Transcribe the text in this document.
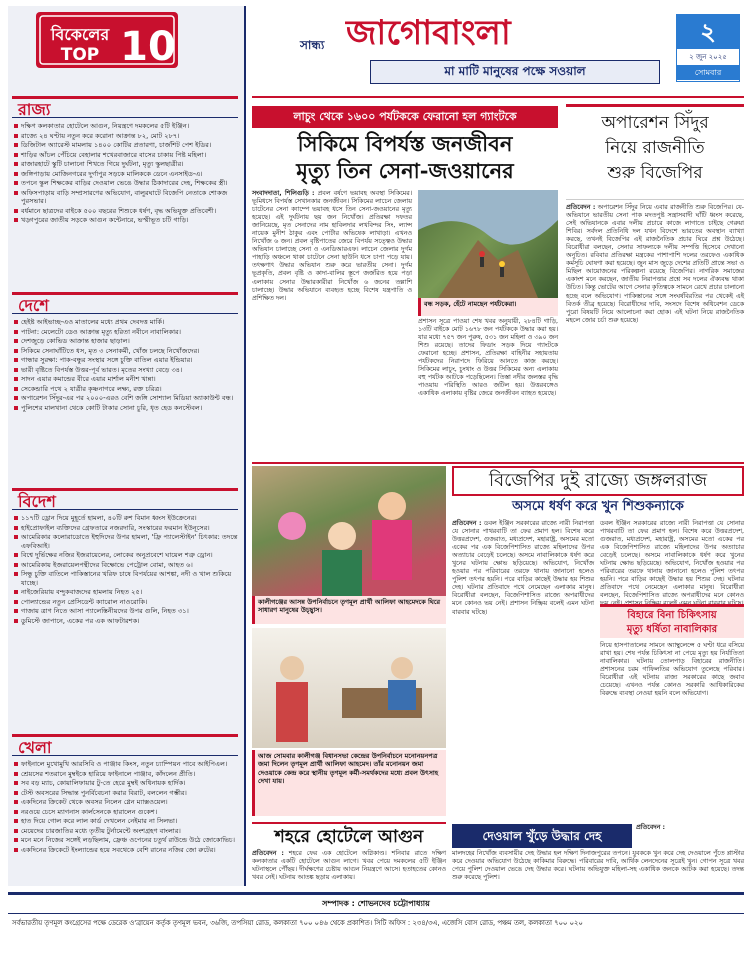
বিকেলের
TOP 10
রাজ্য
দক্ষিণ কলকাতার হোটেলে আগুন, নিয়ন্ত্রণে দমকলের ৫টি ইঞ্জিন।
রাজ্যে ২৪ ঘণ্টায় নতুন করে করোনা আক্রান্ত ৮২, মোট ২৮৭।
ডিজিটাল অ্যারেস্ট মামলায় ১৪০০ কোটির প্রতারণা, চার্জশিট পেশ ইডির।
শাড়ির আঁচল পেঁচিয়ে বেহালার শখেরবাজারে বাসের চাকায় পিষ্ট মহিলা।
রাজারহাটে স্কুটি চালানো শিখতে গিয়ে দুর্ঘটনা, মৃত্যু স্কুলছাত্রীর।
জঙ্গিপাড়ায় মোজিনগরের দুর্গাপুর সড়কে মালিককে ডেনে এনসাইড-এ।
তপনে স্কুল শিক্ষকের বাড়ির দেওয়াল ভেঙে উদ্ধার ঠিকাদারের দেহ, শিক্ষকের স্ত্রী।
অফিসপাড়ায় বাড়ি সম্প্রসারণের অভিযোগ, বালুরঘাটে বিজেপি নেতাকে শোকজ পুরসভার।
বর্ধমানে ছাত্রদের বাইকে ৫০০ বছরের শিশুকে ধর্ষণ, বৃদ্ধ অভিযুক্ত প্রতিবেশী।
খড়্গপুরের জাতীয় সড়কে আগুন কন্টেনারে, ভস্মীভূত চটি গাড়ি।
দেশে
হেইষ্ট আইভাচ্ছ-এও মাতালের মধ্যে প্রথম দেবদত্ত মার্কি।
পাটনা: মেলেটো ডেও আক্রান্ত মৃত্যু হরিতা নবীনে নাবালিকার।
দেশজুড়ে কোভিড আক্রান্ত হাজার ছাড়াল।
সিকিমে সেনাঘাঁটিতে ধস, মৃত ৩ সেনাকর্মী, খোঁজ চলছে নিখোঁজদের।
গান্ধার সুরক্ষা: পাক-বন্ধুর সংস্থার সঙ্গে চুক্তি বাতিল এয়ার ইন্ডিয়ার।
ভারী বৃষ্টিতে বিপর্যস্ত উত্তর-পূর্ব ভারত। মৃতের সংখ্যা বেড়ে ৩৪।
সাদন এয়ার কমান্ডের বীরে এয়ার মার্শাল মনীশ খান্না।
সেকেন্ডারি পথে ২ যাত্রীর কৃষ্ণনাগরে লক্ষ্য, রক্ত চরিত্র।
অপারেশন সিঁদুর-এর পর ২০০০-এরও বেশি জঙ্গি সোশ্যাল মিডিয়া অ্যাকাউন্ট বন্ধ।
পুলিশের মালখানা থেকে কোটি টাকার সোনা চুরি, ধৃত হেড কনস্টেবল।
বিদেশ
১১৭টি ড্রোন দিয়ে মুহূর্তে হামলা, ৪০টি রুশ বিমান ধ্বংস ইউক্রেনের।
হাইপ্রোফাইল ব্যক্তিদের গ্রেফতারে নজরদারি, সংস্কারের ফরমান ইউনূসের।
আমেরিকার কলোরাডোতে ইহুদিদের উপর হামলা, 'ফ্রি প্যালেস্টাইন' চিৎকার: তদন্তে এফবিআই।
বিশ্বে দুর্ভিক্ষের নজির ইজরায়েলের, লোকের অনুপ্রবেশে ঘায়েল শত্রু ড্রোন।
আমেরিকায় ইজরায়েলপন্থীদের বিক্ষোভে পেট্রোল বোমা, আহত ৬।
সিন্ধু চুক্তি বাতিলে পাকিস্তানের খরিফ চাষে বিপর্যয়ের আশঙ্কা, নদী ও খাল শুকিয়ে যাচ্ছে।
নাইজেরিয়ায় বন্দুকবাজদের হামলায় নিহত ২৫।
পোল্যান্ডের নতুন প্রেসিডেন্ট ক্যারোল নাওরোকি।
গাজায় ত্রাণ নিতে আসা প্যালেস্তিনীয়দের উপর গুলি, নিহত ৩১।
ডুমিস্টে জাপানে, একের পর এক আফটারশক।
খেলা
ফাইনালে মুখোমুখি আরসিবি ও পাঞ্জাব কিংস, নতুন চ্যাম্পিয়ন পাবে আইপিএল।
শ্রেয়সের শতরানে মুম্বইকে হারিয়ে ফাইনালে পাঞ্জাব, কাঁদলেন প্রীতি।
সব বড় ম্যাচ, কোয়ালিফায়ার টু-তে হেরে মুম্বই অধিনায়ক হার্দিক।
টেস্ট অবসরের সিদ্ধান্ত পুনর্বিবেচনা করার বিরাট, বললেন গম্ভীর।
একদিনের ক্রিকেট থেকে অবসর নিলেন গ্লেন ম্যাক্সওয়েল।
নরওয়ে চেসে ম্যাগনাস কার্লসেনকে হারালেন গুকেশ।
হাত দিয়ে গোল করে লাল কার্ড দেখলেন নেইমার না সিলভা।
মেয়েদের চারজাতির মধ্যে তৃতীয় টুর্নামেন্টে অংশগ্রহণ বাংলার।
মনে মনে নিজের সঙ্গেই লড়ছিলাম, ফ্রেঞ্চ ওপেনের চতুর্থ রাউন্ডে উঠে জোকোভিচ।
একদিনের ক্রিকেটে ইংল্যান্ডের হয়ে সবথেকে বেশি রানের নজির জো রুটের।
সান্ধ্য জাগোবাংলা
মা মাটি মানুষের পক্ষে সওয়াল
২
২ জুন ২০২৫
সোমবার
লাচুং থেকে ১৬০০ পর্যটককে ফেরানো হল গ্যাংটকে
সিকিমে বিপর্যস্ত জনজীবন
মৃত্যু তিন সেনা-জওয়ানের
সংবাদদাতা, শিলিগুড়ি : প্রবল বর্ষণে ভয়াবহ অবস্থা সিকিমের। ভূমিধসে বিপর্যস্ত সেখানকার জনজীবন। সিকিমের লাচেন জেলায় চাটেনের সেনা ক্যাম্পে ভয়াবহ ধসে তিন সেনা-জওয়ানের মৃত্যু হয়েছে। এই দুর্ঘটনায় ছয় জন নিখোঁজ। প্রতিরক্ষা দফতর জানিয়েছে, মৃত সেনাদের নাম হাবিলদার লখবিন্দর সিং, ল্যান্স নায়েক মুনীশ ঠাকুর এবং পোর্টার অভিষেক লাখাড়া। এখনও নিখোঁজ ৬ জন। প্রবল বৃষ্টিপাতের জেরে বিপর্যয় সত্ত্বেও উদ্ধার অভিযান চালাচ্ছে সেনা ও এনডিআরএফ। লাচেন জেলার দুর্গম পাহাড়ি অঞ্চলে থাকা চাটেনে সেনা ছাউনি ধসে চাপা পড়ে যায়। তৎক্ষণাৎ উদ্ধার অভিযান শুরু করে ভারতীয় সেনা। দুর্গম ভূপ্রকৃতি, প্রবল বৃষ্টি ও কাদা-বালির স্তূপে জর্জরিত হয়ে পড়া এলাকায় সেনার উদ্ধারকারীরা নিখোঁজ ৬ জনের তল্লাশি চালাচ্ছে। উদ্ধার অভিযানে ব্যবহৃত হচ্ছে বিশেষ যন্ত্রপাতি ও প্রশিক্ষিত দল।
বন্ধ সড়ক, হেঁটে নামছেন পর্যটকেরা।
প্রশাসন সূত্রে পাওয়া শেষ খবর অনুযায়ী, ২৮৪টি গাড়ি, ১৩টি বাইকে মোট ১৬৭৮ জন পর্যটককে উদ্ধার করা হয়। যার মধ্যে ৭৫৭ জন পুরুষ, ৫৩১ জন মহিলা ও ৩৯০ জন শিশু রয়েছে। তাদের ফিডাং সড়ক দিয়ে গ্যাংটকে ফেরানো হচ্ছে। প্রশাসন, প্রতিরক্ষা বাহিনীর সহায়তায় পর্যটকদের নিরাপদে ফিরিয়ে আনতে কাজ করছে। সিকিমের লাচুং, চুংথাং ও উত্তর সিকিমের অন্য এলাকায় বহু পর্যটক আটকে পড়েছিলেন। তিস্তা নদীর জলস্তর বৃদ্ধি পাওয়ায় পরিস্থিতি আরও জটিল হয়। উত্তরবঙ্গেও একাধিক এলাকায় বৃষ্টির জেরে জনজীবন ব্যাহত হয়েছে।
অপারেশন সিঁদুর
নিয়ে রাজনীতি
শুরু বিজেপির
প্রতিবেদন : অপারেশন সিঁদুর নিয়ে এবার রাজনীতি শুরু বিজেপির। যে-অভিযানে ভারতীয় সেনা পাক মদতপুষ্ট সন্ত্রাসবাদী ঘাঁটি ধ্বংস করেছে, সেই অভিযানকে এবার দলীয় প্রচারে কাজে লাগাতে চাইছে গেরুয়া শিবির। সর্বদল প্রতিনিধি দল যখন বিদেশে ভারতের অবস্থান ব্যাখ্যা করছে, তখনই বিজেপির এই রাজনৈতিক প্রচার ঘিরে প্রশ্ন উঠেছে। বিরোধীরা বলছেন, সেনার সাফল্যকে দলীয় সম্পত্তি হিসেবে দেখানো অনুচিত। রবিবার প্রতিরক্ষা মন্ত্রকের পাশাপাশি দলের তরফেও একাধিক কর্মসূচি ঘোষণা করা হয়েছে। জুন মাস জুড়ে দেশের প্রতিটি প্রান্তে সভা ও মিছিল আয়োজনের পরিকল্পনা রয়েছে বিজেপির। নাগরিক সমাজের একাংশ মনে করছেন, জাতীয় নিরাপত্তার প্রশ্নে সব দলের ঐক্যবদ্ধ থাকা উচিত। কিন্তু ভোটের আগে সেনার কৃতিত্বকে সামনে রেখে প্রচার চালানো হচ্ছে বলে অভিযোগ। পাকিস্তানের সঙ্গে সংঘর্ষবিরতির পর থেকেই এই বিতর্ক তীব্র হয়েছে। বিরোধীদের দাবি, সংসদে বিশেষ অধিবেশন ডেকে পুরো বিষয়টি নিয়ে আলোচনা করা হোক। এই ঘটনা নিয়ে রাজনৈতিক মহলে জোর চর্চা শুরু হয়েছে।
কালীগঞ্জের আসন্ন উপনির্বাচনে তৃণমূল প্রার্থী আলিফা আহমেদকে ঘিরে সাধারণ মানুষের উচ্ছ্বাস।
আজ সোমবার কালীগঞ্জ বিধানসভা কেন্দ্রের উপনির্বাচনে মনোনয়নপত্র জমা দিলেন তৃণমূল প্রার্থী আলিফা আহমেদ। তাঁর মনোনয়ন জমা দেওয়াকে কেন্দ্র করে স্থানীয় তৃণমূল কর্মী-সমর্থকদের মধ্যে প্রবল উৎসাহ দেখা যায়।
বিজেপির দুই রাজ্যে জঙ্গলরাজ
অসমে ধর্ষণ করে খুন শিশুকন্যাকে
প্রতিবেদন : ডবল ইঞ্জিন সরকারের রাজ্যে নারী নিরাপত্তা যে সোনার পাথরবাটি তা ফের প্রমাণ হল। বিশেষ করে উত্তরপ্রদেশ, গুজরাত, মধ্যপ্রদেশ, মহারাষ্ট্র, অসমের মতো একের পর এক বিজেপিশাসিত রাজ্যে মহিলাদের উপর অত্যাচার বেড়েই চলেছে। অসমে নাবালিকাকে ধর্ষণ করে খুনের ঘটনায় ক্ষোভ ছড়িয়েছে। অভিযোগ, নিখোঁজ হওয়ার পর পরিবারের তরফে থানায় জানানো হলেও পুলিশ তৎপর হয়নি। পরে বাড়ির কাছেই উদ্ধার হয় শিশুর দেহ। ঘটনার প্রতিবাদে পথে নেমেছেন এলাকার মানুষ। বিরোধীরা বলছেন, বিজেপিশাসিত রাজ্যে অপরাধীদের মনে কোনও ভয় নেই। প্রশাসন নিষ্ক্রিয় বলেই এমন ঘটনা বারবার ঘটছে।
ডবল ইঞ্জিন সরকারের রাজ্যে নারী নিরাপত্তা যে সোনার পাথরবাটি তা ফের প্রমাণ হল। বিশেষ করে উত্তরপ্রদেশ, গুজরাত, মধ্যপ্রদেশ, মহারাষ্ট্র, অসমের মতো একের পর এক বিজেপিশাসিত রাজ্যে মহিলাদের উপর অত্যাচার বেড়েই চলেছে। অসমে নাবালিকাকে ধর্ষণ করে খুনের ঘটনায় ক্ষোভ ছড়িয়েছে। অভিযোগ, নিখোঁজ হওয়ার পর পরিবারের তরফে থানায় জানানো হলেও পুলিশ তৎপর হয়নি। পরে বাড়ির কাছেই উদ্ধার হয় শিশুর দেহ। ঘটনার প্রতিবাদে পথে নেমেছেন এলাকার মানুষ। বিরোধীরা বলছেন, বিজেপিশাসিত রাজ্যে অপরাধীদের মনে কোনও
বিহারে বিনা চিকিৎসায়
মৃত্যু ধর্ষিতা নাবালিকার
নিয়ে হাসপাতালের সামনে অ্যাম্বুলেন্সে ৫ ঘণ্টা ধরে বসিয়ে রাখা হয়। শেষ পর্যন্ত চিকিৎসা না পেয়ে মৃত্যু হয় নির্যাতিতা নাবালিকার। ঘটনায় তোলপাড় বিহারের রাজনীতি। প্রশাসনের চরম গাফিলতির অভিযোগ তুলেছে পরিবার। বিরোধীরা এই ঘটনায় রাজ্য সরকারের কাছে জবাব চেয়েছে। এখনও পর্যন্ত কোনও সরকারি আধিকারিকের বিরুদ্ধে ব্যবস্থা নেওয়া হয়নি বলে অভিযোগ।
শহরে হোটেলে আগুন
প্রতিবেদন : শহরে ফের এক হোটেলে অগ্নিকাণ্ড। শনিবার রাতে দক্ষিণ কলকাতার একটি হোটেলে আগুন লাগে। খবর পেয়ে দমকলের ৫টি ইঞ্জিন ঘটনাস্থলে পৌঁছয়। দীর্ঘক্ষণের চেষ্টায় আগুন নিয়ন্ত্রণে আসে। হতাহতের কোনও খবর নেই। ঘটনায় আতঙ্ক ছড়ায় এলাকায়।
দেওয়াল খুঁড়ে উদ্ধার দেহ
প্রতিবেদন :
মালদহের নিখোঁজ ব্যবসায়ীর দেহ উদ্ধার হল দক্ষিণ দিনাজপুরের তপনে। যুবককে খুন করে দেহ দেওয়ালে পুঁতে প্লাস্টার করে দেওয়ার অভিযোগ উঠেছে কাকিমার বিরুদ্ধে। পরিবারের দাবি, আর্থিক লেনদেনের সূত্রেই খুন। গোপন সূত্রে খবর পেয়ে পুলিশ দেওয়াল ভেঙে দেহ উদ্ধার করে। ঘটনায় অভিযুক্ত মহিলা-সহ একাধিক জনকে আটক করা হয়েছে। তদন্ত শুরু করেছে পুলিশ।
সম্পাদক : শোভনদেব চট্টোপাধ্যায়
সর্বভারতীয় তৃণমূল কংগ্রেসের পক্ষে ডেরেক ও'ব্রায়েন কর্তৃক তৃণমূল ভবন, ৩৬জি, তপসিয়া রোড, কলকাতা ৭০০ ০৪৬ থেকে প্রকাশিত। সিটি অফিস : ২৩৪/৩এ, এজেসি বোস রোড, পঞ্চম তল, কলকাতা ৭০০ ০২০
